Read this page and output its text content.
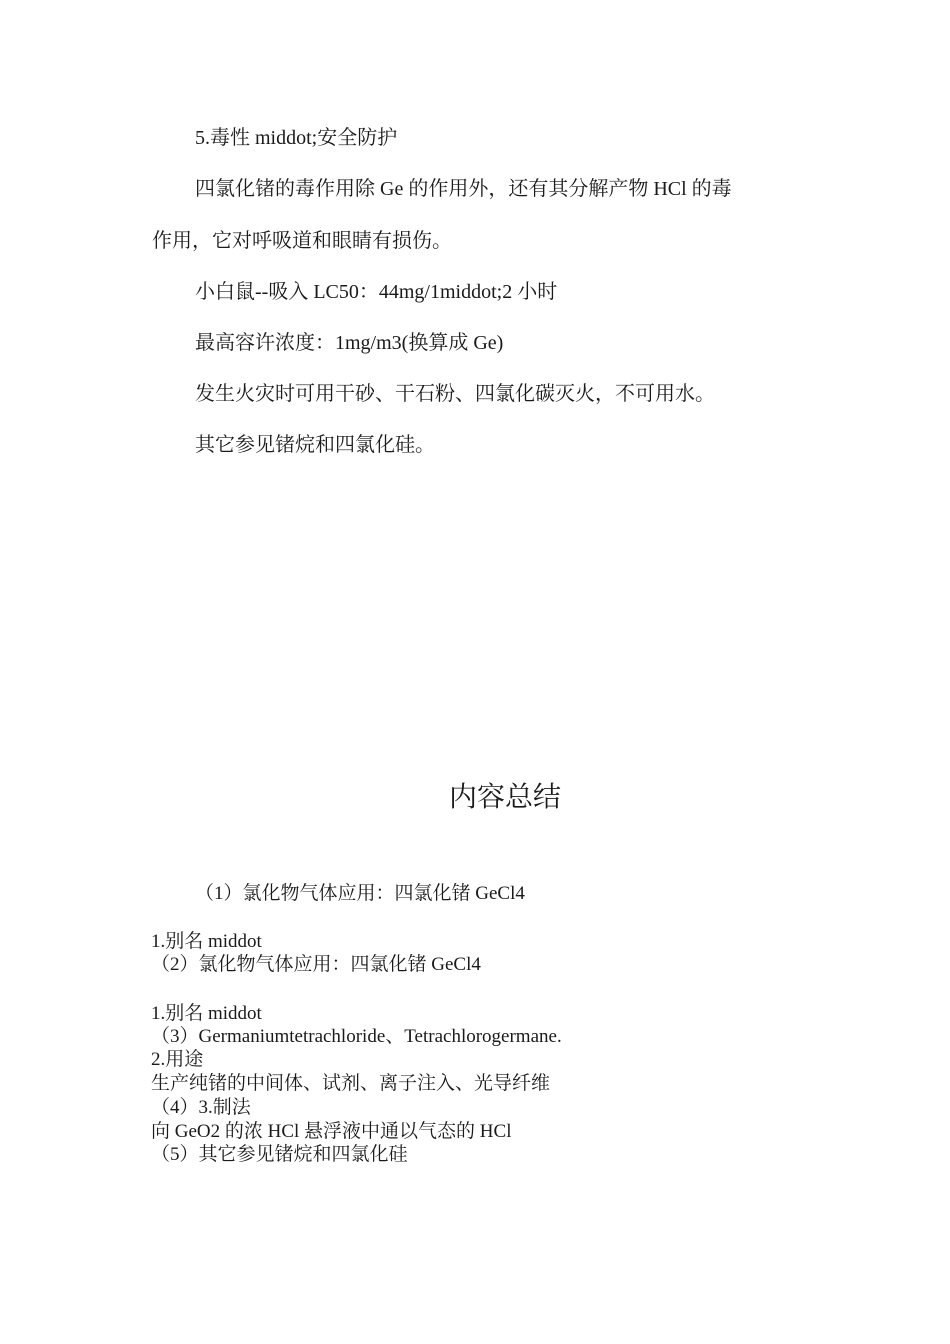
5.毒性 middot;安全防护
四氯化锗的毒作用除 Ge 的作用外，还有其分解产物 HCl 的毒
作用，它对呼吸道和眼睛有损伤。
小白鼠--吸入 LC50：44mg/1middot;2 小时
最高容许浓度：1mg/m3(换算成 Ge)
发生火灾时可用干砂、干石粉、四氯化碳灭火，不可用水。
其它参见锗烷和四氯化硅。
内容总结
（1）氯化物气体应用：四氯化锗 GeCl4
1.别名 middot
（2）氯化物气体应用：四氯化锗 GeCl4
1.别名 middot
（3）Germaniumtetrachloride、Tetrachlorogermane.
2.用途
生产纯锗的中间体、试剂、离子注入、光导纤维
（4）3.制法
向 GeO2 的浓 HCl 悬浮液中通以气态的 HCl
（5）其它参见锗烷和四氯化硅
